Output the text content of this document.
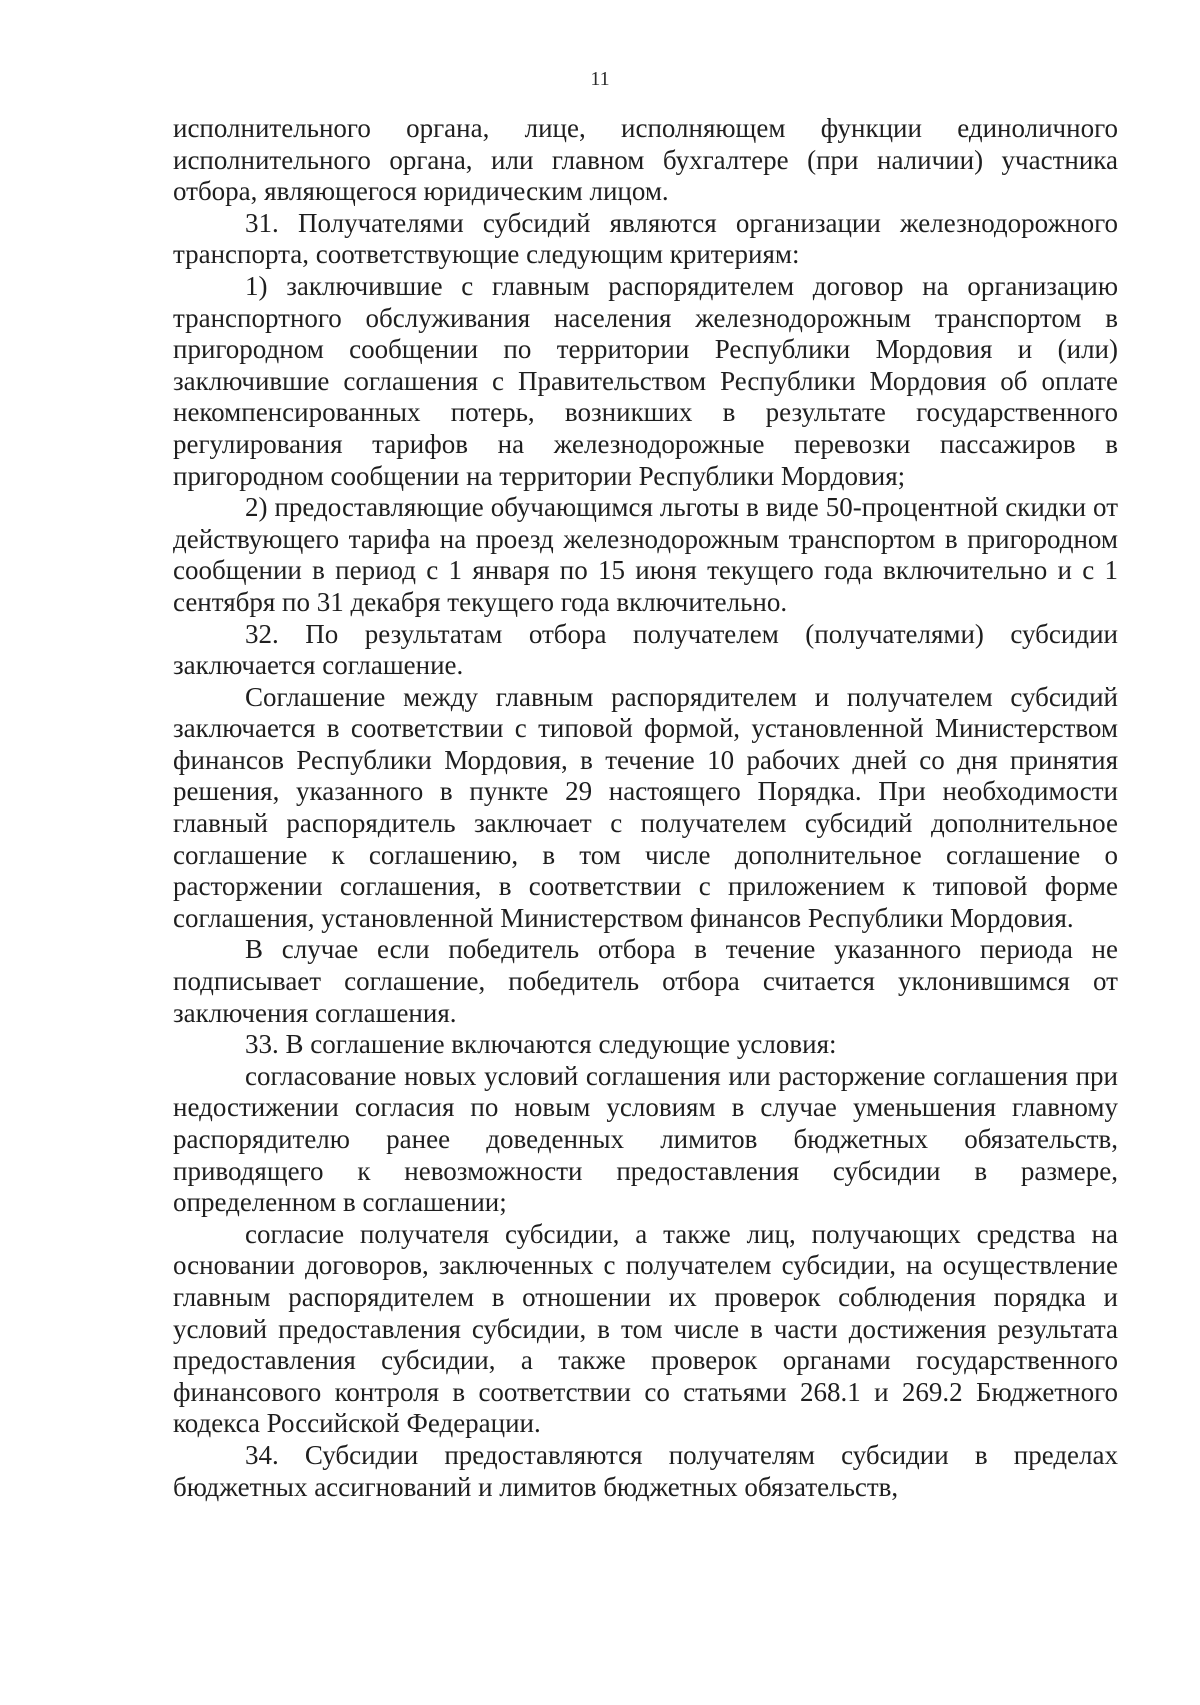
11

исполнительного органа, лице, исполняющем функции единоличного исполнительного органа, или главном бухгалтере (при наличии) участника отбора, являющегося юридическим лицом.

31. Получателями субсидий являются организации железнодорожного транспорта, соответствующие следующим критериям:

1) заключившие с главным распорядителем договор на организацию транспортного обслуживания населения железнодорожным транспортом в пригородном сообщении по территории Республики Мордовия и (или) заключившие соглашения с Правительством Республики Мордовия об оплате некомпенсированных потерь, возникших в результате государственного регулирования тарифов на железнодорожные перевозки пассажиров в пригородном сообщении на территории Республики Мордовия;

2) предоставляющие обучающимся льготы в виде 50-процентной скидки от действующего тарифа на проезд железнодорожным транспортом в пригородном сообщении в период с 1 января по 15 июня текущего года включительно и с 1 сентября по 31 декабря текущего года включительно.

32. По результатам отбора получателем (получателями) субсидии заключается соглашение.

Соглашение между главным распорядителем и получателем субсидий заключается в соответствии с типовой формой, установленной Министерством финансов Республики Мордовия, в течение 10 рабочих дней со дня принятия решения, указанного в пункте 29 настоящего Порядка. При необходимости главный распорядитель заключает с получателем субсидий дополнительное соглашение к соглашению, в том числе дополнительное соглашение о расторжении соглашения, в соответствии с приложением к типовой форме соглашения, установленной Министерством финансов Республики Мордовия.

В случае если победитель отбора в течение указанного периода не подписывает соглашение, победитель отбора считается уклонившимся от заключения соглашения.

33. В соглашение включаются следующие условия:

согласование новых условий соглашения или расторжение соглашения при недостижении согласия по новым условиям в случае уменьшения главному распорядителю ранее доведенных лимитов бюджетных обязательств, приводящего к невозможности предоставления субсидии в размере, определенном в соглашении;

согласие получателя субсидии, а также лиц, получающих средства на основании договоров, заключенных с получателем субсидии, на осуществление главным распорядителем в отношении их проверок соблюдения порядка и условий предоставления субсидии, в том числе в части достижения результата предоставления субсидии, а также проверок органами государственного финансового контроля в соответствии со статьями 268.1 и 269.2 Бюджетного кодекса Российской Федерации.

34. Субсидии предоставляются получателям субсидии в пределах бюджетных ассигнований и лимитов бюджетных обязательств,
